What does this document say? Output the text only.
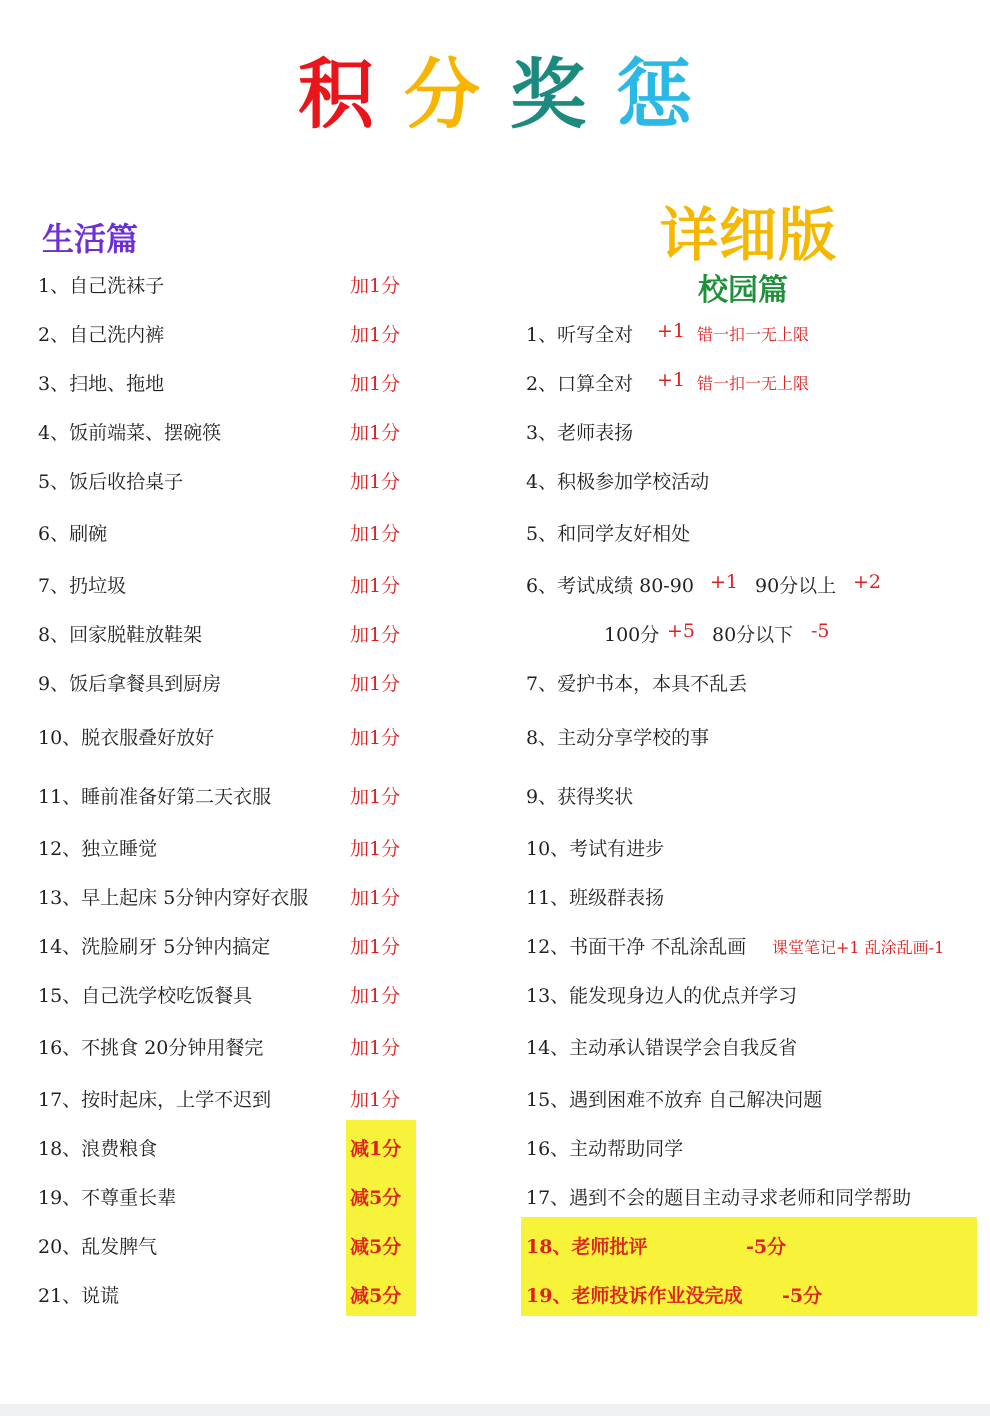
积 分 奖 惩
生活篇	详细版
校园篇
1、自己洗袜子	加1分
2、自己洗内裤	加1分
3、扫地、拖地	加1分
4、饭前端菜、摆碗筷	加1分
5、饭后收拾桌子	加1分
6、刷碗	加1分
7、扔垃圾	加1分
8、回家脱鞋放鞋架	加1分
9、饭后拿餐具到厨房	加1分
10、脱衣服叠好放好	加1分
11、睡前准备好第二天衣服	加1分
12、独立睡觉	加1分
13、早上起床 5分钟内穿好衣服 加1分
14、洗脸刷牙 5分钟内搞定	加1分
15、自己洗学校吃饭餐具	加1分
16、不挑食 20分钟用餐完	加1分
17、按时起床，上学不迟到	加1分
18、浪费粮食	减1分
19、不尊重长辈	减5分
20、乱发脾气	减5分
21、说谎	减5分
1、听写全对 +1 错一扣一无上限
2、口算全对 +1 错一扣一无上限
3、老师表扬
4、积极参加学校活动
5、和同学友好相处
6、考试成绩 80-90 +1 90分以上 +2
100分 +5 80分以下 -5
7、爱护书本，本具不乱丢
8、主动分享学校的事
9、获得奖状
10、考试有进步
11、班级群表扬
12、书面干净 不乱涂乱画 课堂笔记+1 乱涂乱画-1
13、能发现身边人的优点并学习
14、主动承认错误学会自我反省
15、遇到困难不放弃 自己解决问题
16、主动帮助同学
17、遇到不会的题目主动寻求老师和同学帮助
18、老师批评	-5分
19、老师投诉作业没完成 -5分
